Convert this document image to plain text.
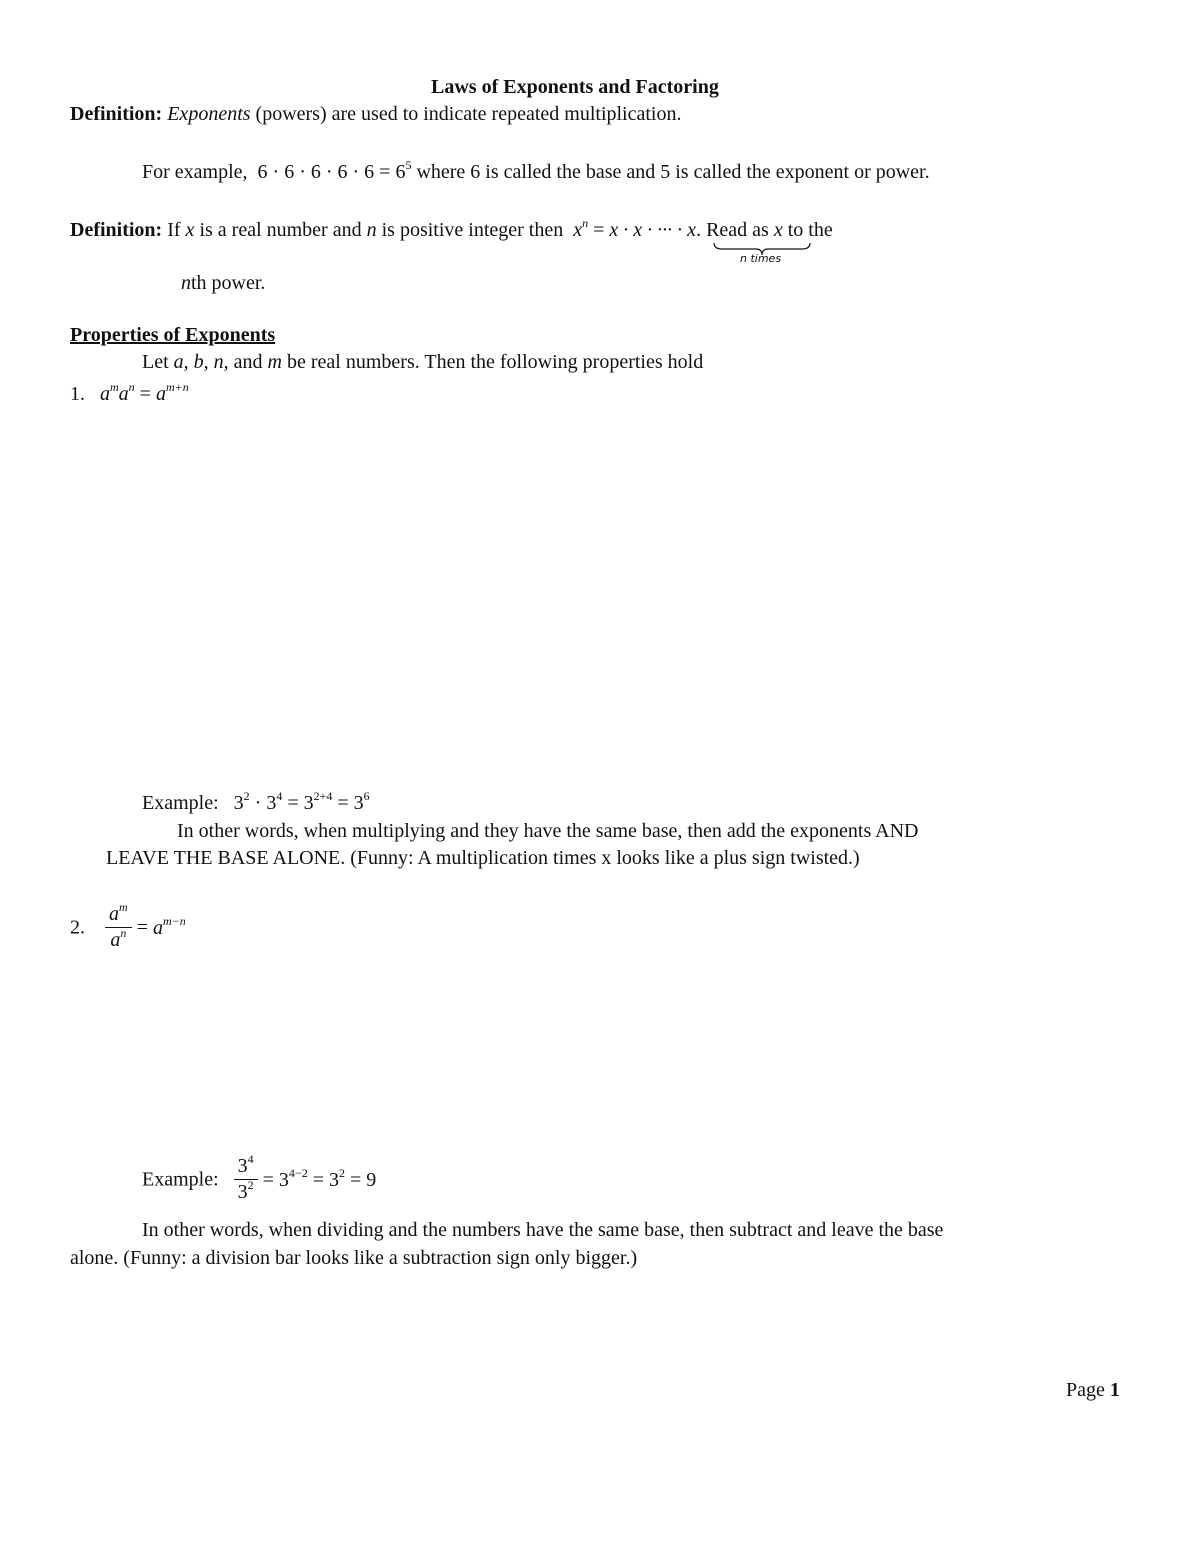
Laws of Exponents and Factoring
Definition: Exponents (powers) are used to indicate repeated multiplication.
For example, $6 \cdot 6 \cdot 6 \cdot 6 \cdot 6 = 6^5$ where 6 is called the base and 5 is called the exponent or power.
Definition: If x is a real number and n is positive integer then  $x^n = x \cdot x$ · ··· · x. Read as x to the
n times
nth power.
Properties of Exponents
Let a, b, n, and m be real numbers. Then the following properties hold
1. $a^ma^n = a^{m+n}$
Example: $3^2 \cdot 3^4 = 3^{2+4} = 3^6$
In other words, when multiplying and they have the same base, then add the exponents AND
LEAVE THE BASE ALONE. (Funny: A multiplication times x looks like a plus sign twisted.)
2. $\frac{a^m}{a^n} = a^{m-n}$
Example: $\frac{3^4}{3^2} = 3^{4-2} = 3^2 = 9$
In other words, when dividing and the numbers have the same base, then subtract and leave the base
alone. (Funny: a division bar looks like a subtraction sign only bigger.)
Page 1
